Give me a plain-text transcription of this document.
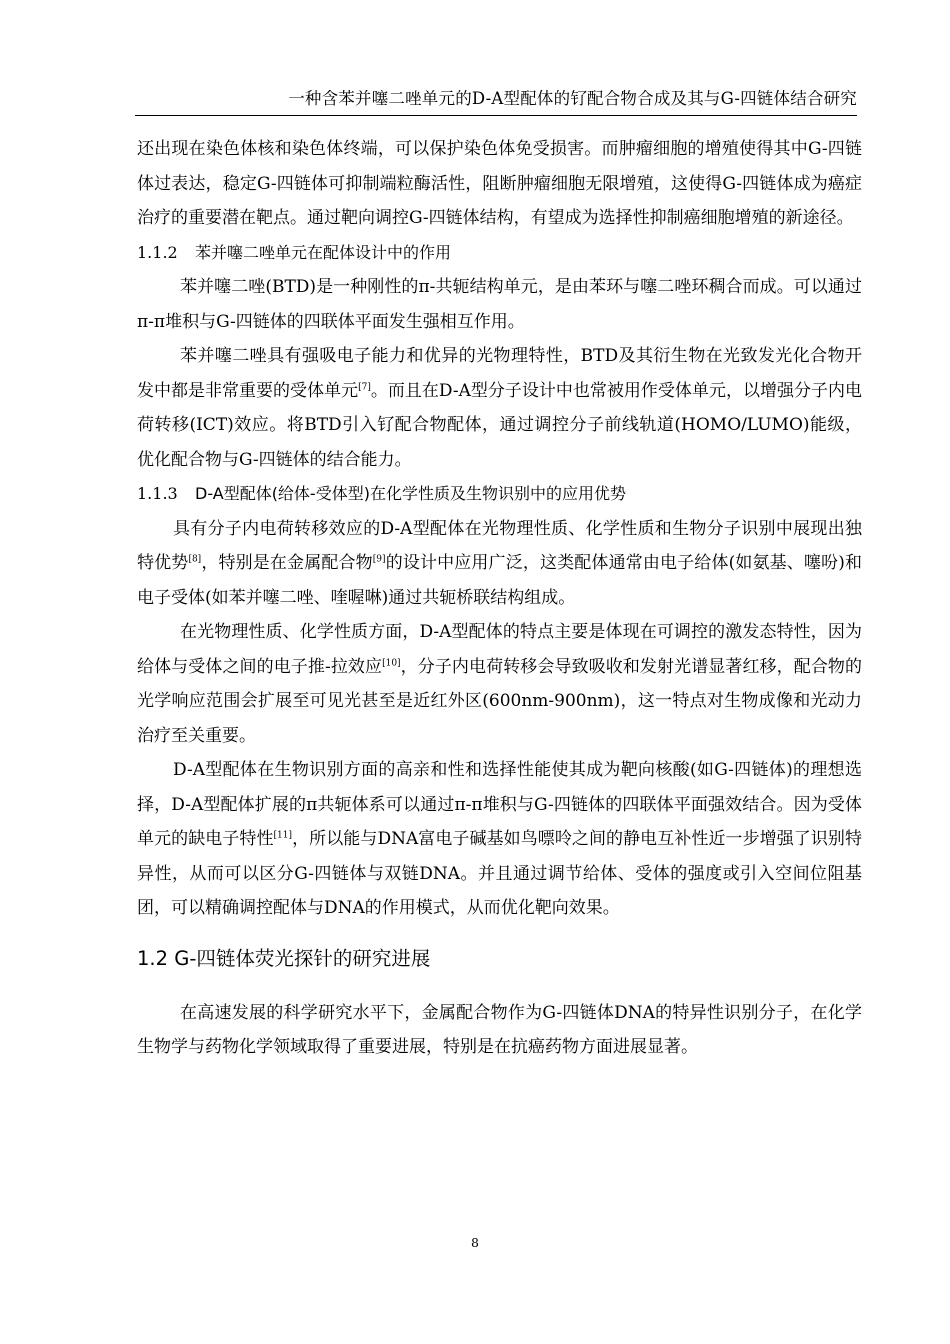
一种含苯并噻二唑单元的D-A型配体的钌配合物合成及其与G-四链体结合研究

还出现在染色体核和染色体终端，可以保护染色体免受损害。而肿瘤细胞的增殖使得其中G-四链体过表达，稳定G-四链体可抑制端粒酶活性，阻断肿瘤细胞无限增殖，这使得G-四链体成为癌症治疗的重要潜在靶点。通过靶向调控G-四链体结构，有望成为选择性抑制癌细胞增殖的新途径。

1.1.2 苯并噻二唑单元在配体设计中的作用

苯并噻二唑(BTD)是一种刚性的π-共轭结构单元，是由苯环与噻二唑环稠合而成。可以通过π-π堆积与G-四链体的四联体平面发生强相互作用。

苯并噻二唑具有强吸电子能力和优异的光物理特性，BTD及其衍生物在光致发光化合物开发中都是非常重要的受体单元[7]。而且在D-A型分子设计中也常被用作受体单元，以增强分子内电荷转移(ICT)效应。将BTD引入钌配合物配体，通过调控分子前线轨道(HOMO/LUMO)能级，优化配合物与G-四链体的结合能力。

1.1.3 D-A型配体(给体-受体型)在化学性质及生物识别中的应用优势

具有分子内电荷转移效应的D-A型配体在光物理性质、化学性质和生物分子识别中展现出独特优势[8]，特别是在金属配合物[9]的设计中应用广泛，这类配体通常由电子给体(如氨基、噻吩)和电子受体(如苯并噻二唑、喹喔啉)通过共轭桥联结构组成。

在光物理性质、化学性质方面，D-A型配体的特点主要是体现在可调控的激发态特性，因为给体与受体之间的电子推-拉效应[10]，分子内电荷转移会导致吸收和发射光谱显著红移，配合物的光学响应范围会扩展至可见光甚至是近红外区(600nm-900nm)，这一特点对生物成像和光动力治疗至关重要。

D-A型配体在生物识别方面的高亲和性和选择性能使其成为靶向核酸(如G-四链体)的理想选择，D-A型配体扩展的π共轭体系可以通过π-π堆积与G-四链体的四联体平面强效结合。因为受体单元的缺电子特性[11]，所以能与DNA富电子碱基如鸟嘌呤之间的静电互补性近一步增强了识别特异性，从而可以区分G-四链体与双链DNA。并且通过调节给体、受体的强度或引入空间位阻基团，可以精确调控配体与DNA的作用模式，从而优化靶向效果。

1.2 G-四链体荧光探针的研究进展

在高速发展的科学研究水平下，金属配合物作为G-四链体DNA的特异性识别分子，在化学生物学与药物化学领域取得了重要进展，特别是在抗癌药物方面进展显著。

8
